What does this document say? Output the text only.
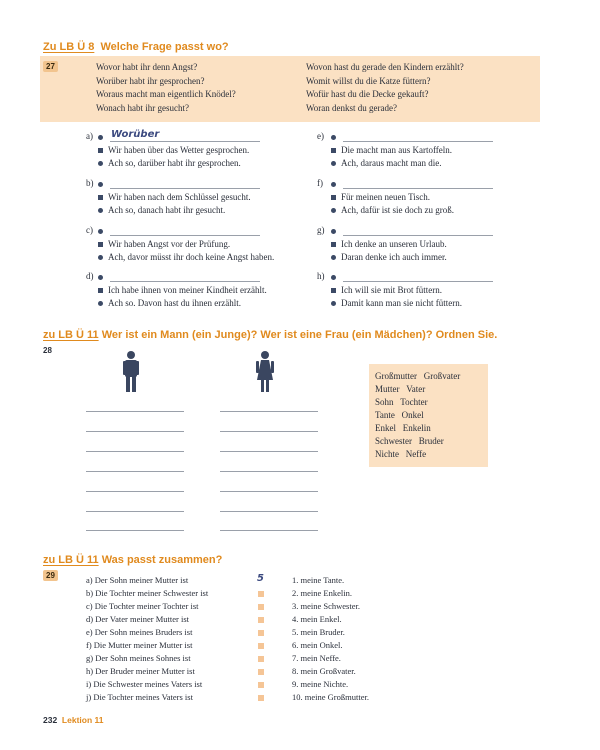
Zu LB Ü 8 Welche Frage passt wo?
27	Wovor habt ihr denn Angst?
Worüber habt ihr gesprochen?
Woraus macht man eigentlich Knödel?
Wonach habt ihr gesucht?
Wovon hast du gerade den Kindern erzählt?
Womit willst du die Katze füttern?
Wofür hast du die Decke gekauft?
Woran denkst du gerade?
a) Worüber
Wir haben über das Wetter gesprochen.
Ach so, darüber habt ihr gesprochen.
b)
Wir haben nach dem Schlüssel gesucht.
Ach so, danach habt ihr gesucht.
c)
Wir haben Angst vor der Prüfung.
Ach, davor müsst ihr doch keine Angst haben.
d)
Ich habe ihnen von meiner Kindheit erzählt.
Ach so. Davon hast du ihnen erzählt.
e)
Die macht man aus Kartoffeln.
Ach, daraus macht man die.
f)
Für meinen neuen Tisch.
Ach, dafür ist sie doch zu groß.
g)
Ich denke an unseren Urlaub.
Daran denke ich auch immer.
h)
Ich will sie mit Brot füttern.
Damit kann man sie nicht füttern.
zu LB Ü 11 Wer ist ein Mann (ein Junge)? Wer ist eine Frau (ein Mädchen)? Ordnen Sie.
28
Großmutter Großvater
Mutter Vater
Sohn Tochter
Tante Onkel
Enkel Enkelin
Schwester Bruder
Nichte Neffe
zu LB Ü 11 Was passt zusammen?
29	a) Der Sohn meiner Mutter ist
b) Die Tochter meiner Schwester ist
c) Die Tochter meiner Tochter ist
d) Der Vater meiner Mutter ist
e) Der Sohn meines Bruders ist
f) Die Mutter meiner Mutter ist
g) Der Sohn meines Sohnes ist
h) Der Bruder meiner Mutter ist
i) Die Schwester meines Vaters ist
j) Die Tochter meines Vaters ist
5	1. meine Tante.
2. meine Enkelin.
3. meine Schwester.
4. mein Enkel.
5. mein Bruder.
6. mein Onkel.
7. mein Neffe.
8. mein Großvater.
9. meine Nichte.
10. meine Großmutter.
232 Lektion 11
